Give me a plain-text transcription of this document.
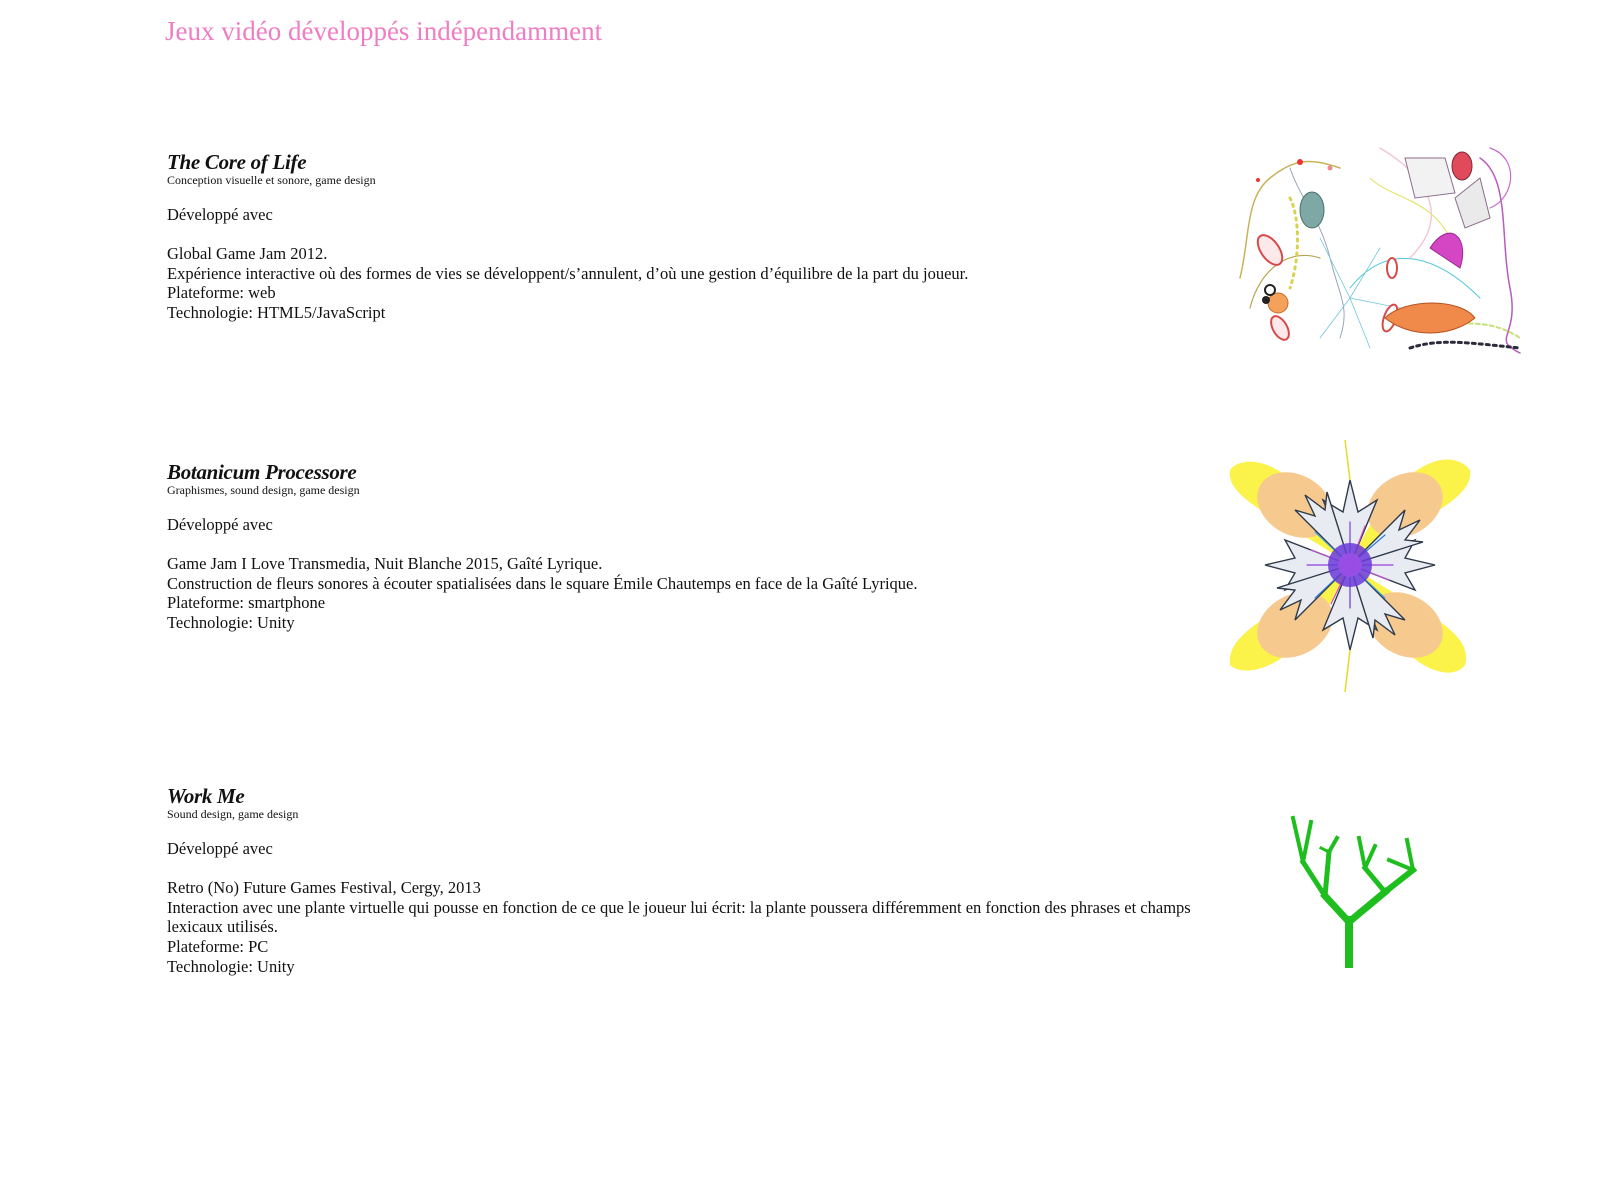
Jeux vidéo développés indépendamment
The Core of Life
Conception visuelle et sonore, game design
Développé avec
Global Game Jam 2012.
Expérience interactive où des formes de vies se développent/s’annulent, d’où une gestion d’équilibre de la part du joueur.
Plateforme: web
Technologie: HTML5/JavaScript
Botanicum Processore
Graphismes, sound design, game design
Développé avec
Game Jam I Love Transmedia, Nuit Blanche 2015, Gaîté Lyrique.
Construction de fleurs sonores à écouter spatialisées dans le square Émile Chautemps en face de la Gaîté Lyrique.
Plateforme: smartphone
Technologie: Unity
Work Me
Sound design, game design
Développé avec
Retro (No) Future Games Festival, Cergy, 2013
Interaction avec une plante virtuelle qui pousse en fonction de ce que le joueur lui écrit: la plante poussera différemment en fonction des phrases et champs lexicaux utilisés.
Plateforme: PC
Technologie: Unity
